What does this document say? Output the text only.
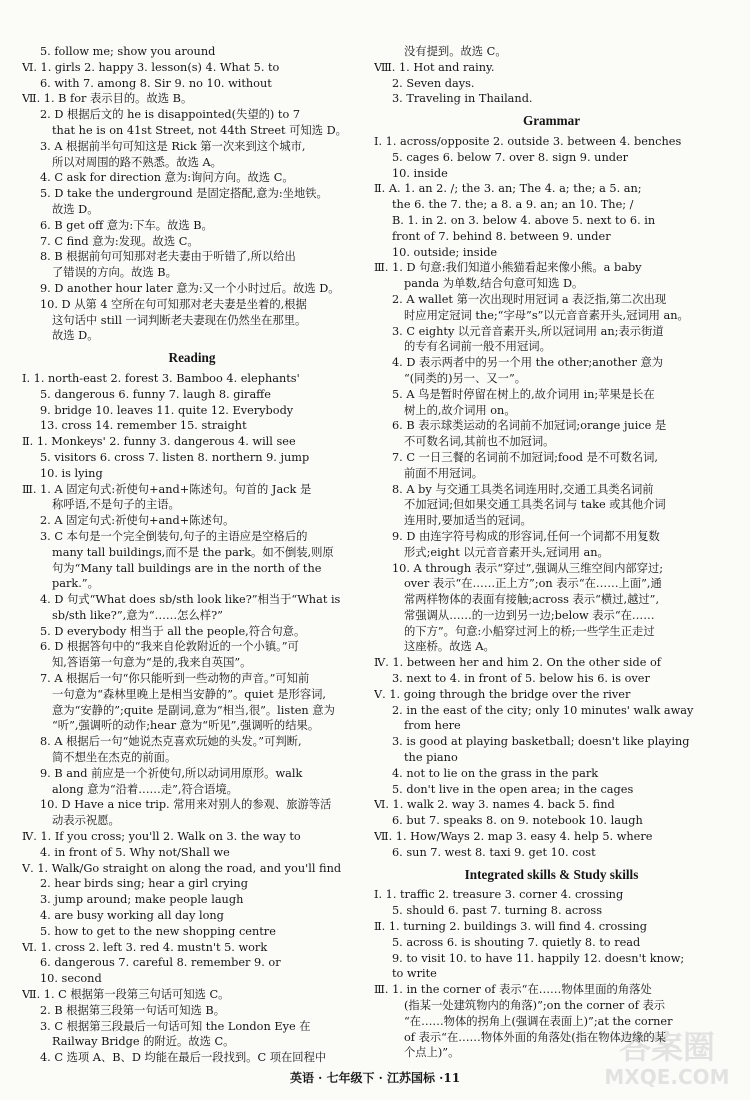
5. follow me; show you around
Ⅵ. 1. girls 2. happy 3. lesson(s) 4. What 5. to
6. with 7. among 8. Sir 9. no 10. without
Ⅶ. 1. B for 表示目的。故选 B。
2. D 根据后文的 he is disappointed(失望的) to 7
that he is on 41st Street, not 44th Street 可知选 D。
3. A 根据前半句可知这是 Rick 第一次来到这个城市,
所以对周围的路不熟悉。故选 A。
4. C ask for direction 意为:询问方向。故选 C。
5. D take the underground 是固定搭配,意为:坐地铁。
故选 D。
6. B get off 意为:下车。故选 B。
7. C find 意为:发现。故选 C。
8. B 根据前句可知那对老夫妻由于听错了,所以给出
了错误的方向。故选 B。
9. D another hour later 意为:又一个小时过后。故选 D。
10. D 从第 4 空所在句可知那对老夫妻是坐着的,根据
这句话中 still 一词判断老夫妻现在仍然坐在那里。
故选 D。
Reading
Ⅰ. 1. north-east 2. forest 3. Bamboo 4. elephants'
5. dangerous 6. funny 7. laugh 8. giraffe
9. bridge 10. leaves 11. quite 12. Everybody
13. cross 14. remember 15. straight
Ⅱ. 1. Monkeys' 2. funny 3. dangerous 4. will see
5. visitors 6. cross 7. listen 8. northern 9. jump
10. is lying
Ⅲ. 1. A 固定句式:祈使句+and+陈述句。句首的 Jack 是
称呼语,不是句子的主语。
2. A 固定句式:祈使句+and+陈述句。
3. C 本句是一个完全倒装句,句子的主语应是空格后的
many tall buildings,而不是 the park。如不倒装,则原
句为“Many tall buildings are in the north of the
park.”。
4. D 句式“What does sb/sth look like?”相当于“What is
sb/sth like?”,意为“……怎么样?”
5. D everybody 相当于 all the people,符合句意。
6. D 根据答句中的“我来自伦敦附近的一个小镇。”可
知,答语第一句意为“是的,我来自英国”。
7. A 根据后一句“你只能听到一些动物的声音。”可知前
一句意为“森林里晚上是相当安静的”。quiet 是形容词,
意为“安静的”;quite 是副词,意为“相当,很”。listen 意为
“听”,强调听的动作;hear 意为“听见”,强调听的结果。
8. A 根据后一句“她说杰克喜欢玩她的头发。”可判断,
简不想坐在杰克的前面。
9. B and 前应是一个祈使句,所以动词用原形。walk
along 意为“沿着……走”,符合语境。
10. D Have a nice trip. 常用来对别人的参观、旅游等活
动表示祝愿。
Ⅳ. 1. If you cross; you'll 2. Walk on 3. the way to
4. in front of 5. Why not/Shall we
Ⅴ. 1. Walk/Go straight on along the road, and you'll find
2. hear birds sing; hear a girl crying
3. jump around; make people laugh
4. are busy working all day long
5. how to get to the new shopping centre
Ⅵ. 1. cross 2. left 3. red 4. mustn't 5. work
6. dangerous 7. careful 8. remember 9. or
10. second
Ⅶ. 1. C 根据第一段第三句话可知选 C。
2. B 根据第三段第一句话可知选 B。
3. C 根据第三段最后一句话可知 the London Eye 在
Railway Bridge 的附近。故选 C。
4. C 选项 A、B、D 均能在最后一段找到。C 项在回程中
没有提到。故选 C。
Ⅷ. 1. Hot and rainy.
2. Seven days.
3. Traveling in Thailand.
Grammar
Ⅰ. 1. across/opposite 2. outside 3. between 4. benches
5. cages 6. below 7. over 8. sign 9. under
10. inside
Ⅱ. A. 1. an 2. /; the 3. an; The 4. a; the; a 5. an;
the 6. the 7. the; a 8. a 9. an; an 10. The; /
B. 1. in 2. on 3. below 4. above 5. next to 6. in
front of 7. behind 8. between 9. under
10. outside; inside
Ⅲ. 1. D 句意:我们知道小熊猫看起来像小熊。a baby
panda 为单数,结合句意可知选 D。
2. A wallet 第一次出现时用冠词 a 表泛指,第二次出现
时应用定冠词 the;“字母”s”以元音音素开头,冠词用 an。
3. C eighty 以元音音素开头,所以冠词用 an;表示街道
的专有名词前一般不用冠词。
4. D 表示两者中的另一个用 the other;another 意为
“(同类的)另一、又一”。
5. A 鸟是暂时停留在树上的,故介词用 in;苹果是长在
树上的,故介词用 on。
6. B 表示球类运动的名词前不加冠词;orange juice 是
不可数名词,其前也不加冠词。
7. C 一日三餐的名词前不加冠词;food 是不可数名词,
前面不用冠词。
8. A by 与交通工具类名词连用时,交通工具类名词前
不加冠词;但如果交通工具类名词与 take 或其他介词
连用时,要加适当的冠词。
9. D 由连字符号构成的形容词,任何一个词都不用复数
形式;eight 以元音音素开头,冠词用 an。
10. A through 表示“穿过”,强调从三维空间内部穿过;
over 表示“在……正上方”;on 表示“在……上面”,通
常两样物体的表面有接触;across 表示“横过,越过”,
常强调从……的一边到另一边;below 表示“在……
的下方”。句意:小船穿过河上的桥;一些学生正走过
这座桥。故选 A。
Ⅳ. 1. between her and him 2. On the other side of
3. next to 4. in front of 5. below his 6. is over
Ⅴ. 1. going through the bridge over the river
2. in the east of the city; only 10 minutes' walk away
from here
3. is good at playing basketball; doesn't like playing
the piano
4. not to lie on the grass in the park
5. don't live in the open area; in the cages
Ⅵ. 1. walk 2. way 3. names 4. back 5. find
6. but 7. speaks 8. on 9. notebook 10. laugh
Ⅶ. 1. How/Ways 2. map 3. easy 4. help 5. where
6. sun 7. west 8. taxi 9. get 10. cost
Integrated skills & Study skills
Ⅰ. 1. traffic 2. treasure 3. corner 4. crossing
5. should 6. past 7. turning 8. across
Ⅱ. 1. turning 2. buildings 3. will find 4. crossing
5. across 6. is shouting 7. quietly 8. to read
9. to visit 10. to have 11. happily 12. doesn't know;
to write
Ⅲ. 1. in the corner of 表示“在……物体里面的角落处
(指某一处建筑物内的角落)”;on the corner of 表示
“在……物体的拐角上(强调在表面上)”;at the corner
of 表示“在……物体外面的角落处(指在物体边缘的某
个点上)”。
英语 · 七年级下 · 江苏国标 ·11
答案圈
MXQE.COM
